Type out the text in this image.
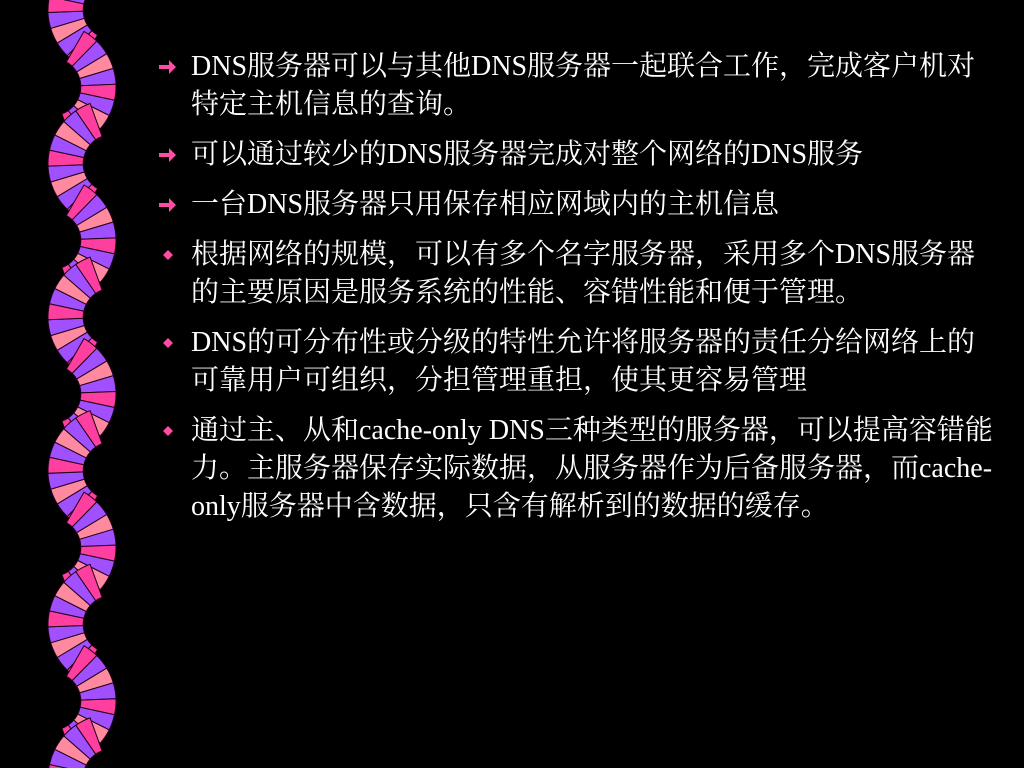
DNS服务器可以与其他DNS服务器一起联合工作，完成客户机对特定主机信息的查询。
可以通过较少的DNS服务器完成对整个网络的DNS服务
一台DNS服务器只用保存相应网域内的主机信息
根据网络的规模，可以有多个名字服务器，采用多个DNS服务器的主要原因是服务系统的性能、容错性能和便于管理。
DNS的可分布性或分级的特性允许将服务器的责任分给网络上的可靠用户可组织，分担管理重担，使其更容易管理
通过主、从和cache-only DNS三种类型的服务器，可以提高容错能力。主服务器保存实际数据，从服务器作为后备服务器，而cache-only服务器中含数据，只含有解析到的数据的缓存。
